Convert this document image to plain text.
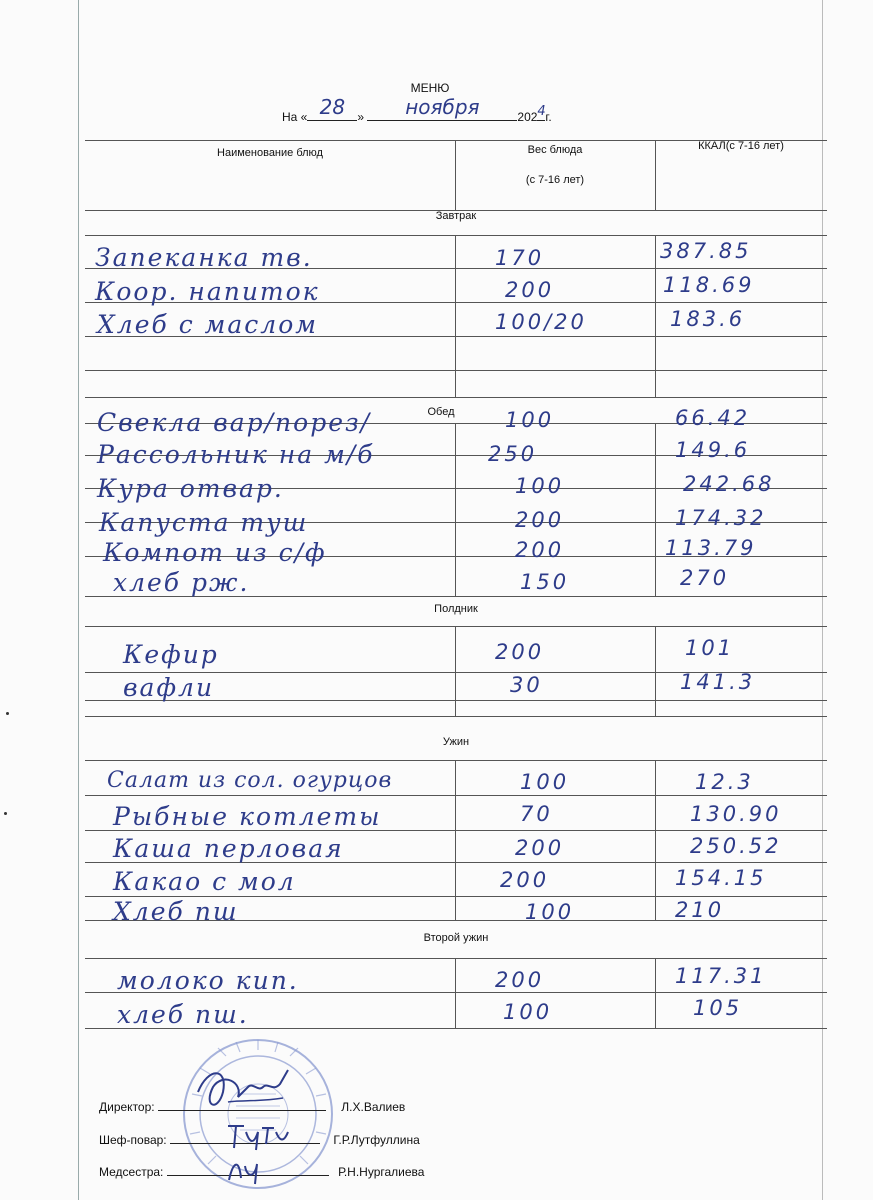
МЕНЮ
На « 28	»	ноября	202 4 г.
Наименование блюд	Вес блюда
(с 7-16 лет)
ККАЛ(с 7-16 лет)
Завтрак
Обед
Полдник
Ужин
Второй ужин
Запеканка тв.	170	387.85
Коор. напиток	200	118.69
Хлеб с маслом	100/20	183.6
Свекла вар/порез/	100	66.42
Рассольник на м/б	250	149.6
Кура отвар.	100	242.68
Капуста туш	200	174.32
Компот из с/ф	200	113.79
хлеб рж.	150	270
Кефир	200	101
вафли	30	141.3
Салат из сол. огурцов	100	12.3
Рыбные котлеты	70	130.90
Каша перловая	200	250.52
Какао с мол	200	154.15
Хлеб пш	100	210
молоко кип.	200	117.31
хлеб пш.	100	105
Директор:	Л.Х.Валиев
Шеф-повар:	Г.Р.Лутфуллина
Медсестра:	Р.Н.Нургалиева
